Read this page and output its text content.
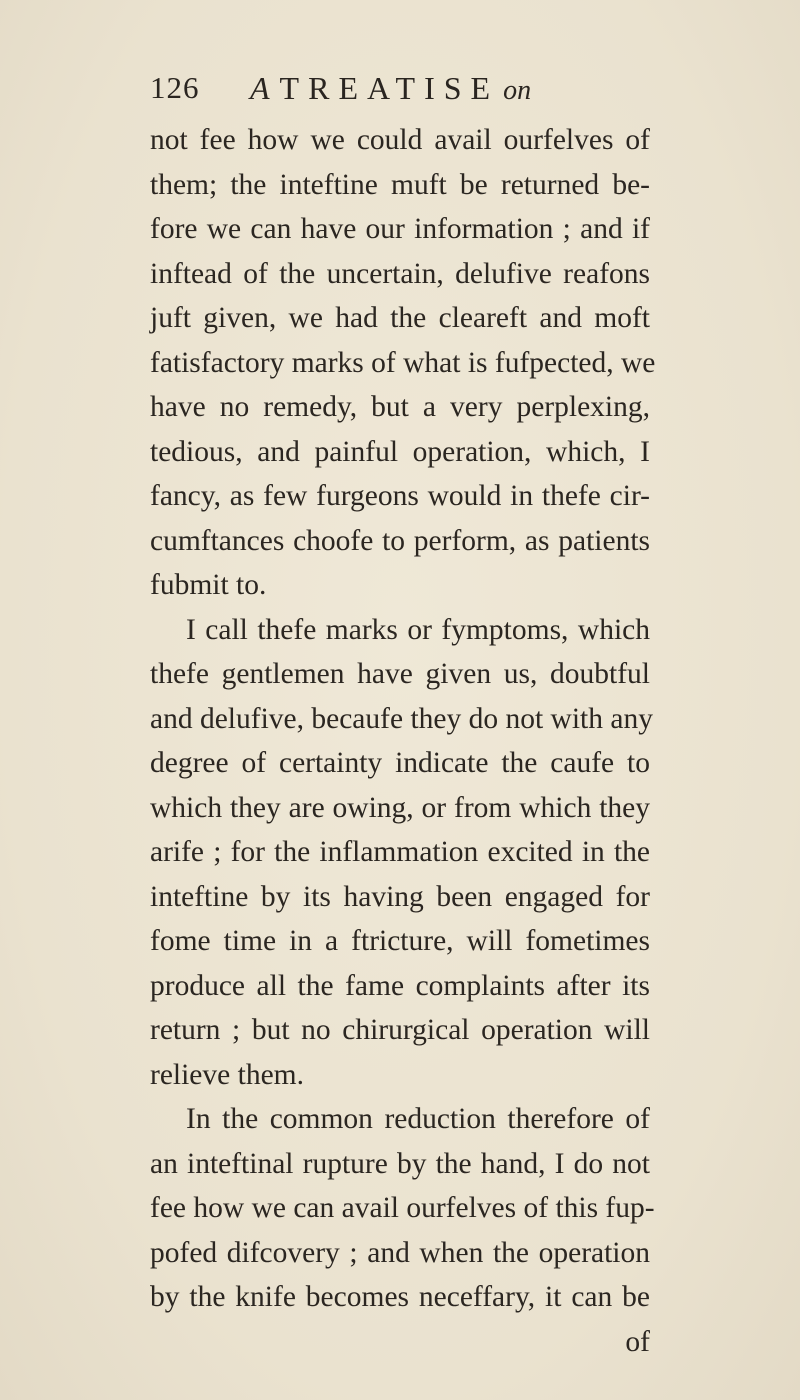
126 A TREATISE on
not fee how we could avail ourfelves of
them; the inteftine muft be returned be-
fore we can have our information ; and if
inftead of the uncertain, delufive reafons
juft given, we had the cleareft and moft
fatisfactory marks of what is fufpected, we
have no remedy, but a very perplexing,
tedious, and painful operation, which, I
fancy, as few furgeons would in thefe cir-
cumftances choofe to perform, as patients
fubmit to.
I call thefe marks or fymptoms, which
thefe gentlemen have given us, doubtful
and delufive, becaufe they do not with any
degree of certainty indicate the caufe to
which they are owing, or from which they
arife ; for the inflammation excited in the
inteftine by its having been engaged for
fome time in a ftricture, will fometimes
produce all the fame complaints after its
return ; but no chirurgical operation will
relieve them.
In the common reduction therefore of
an inteftinal rupture by the hand, I do not
fee how we can avail ourfelves of this fup-
pofed difcovery ; and when the operation
by the knife becomes neceffary, it can be
of
